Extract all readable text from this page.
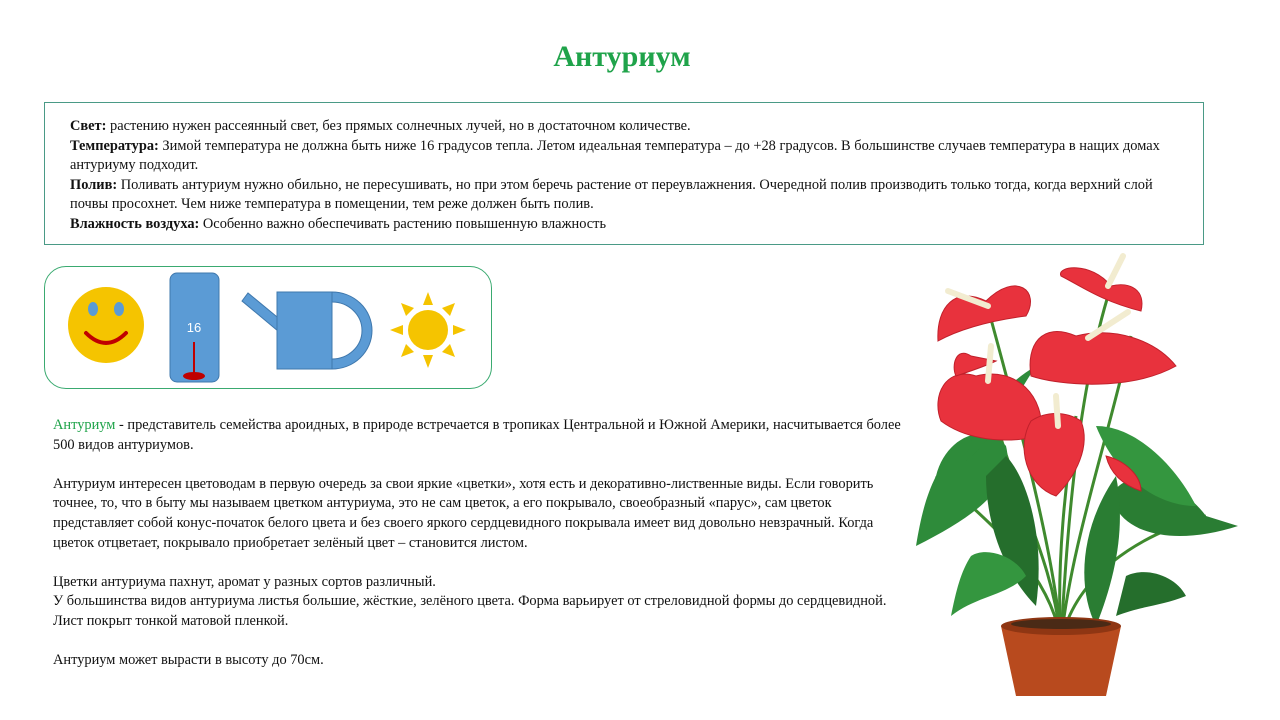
Антуриум

Свет: растению нужен рассеянный свет, без прямых солнечных лучей, но в достаточном количестве.

Температура: Зимой температура не должна быть ниже 16 градусов тепла. Летом идеальная температура – до +28 градусов. В большинстве случаев температура в нащих домах антуриуму подходит.

Полив: Поливать антуриум нужно обильно, не пересушивать, но при этом беречь растение от переувлажнения. Очередной полив производить только тогда, когда верхний слой почвы просохнет. Чем ниже температура в помещении, тем реже должен быть полив.

Влажность воздуха: Особенно важно обеспечивать растению повышенную влажность

16

Антуриум - представитель семейства ароидных, в природе встречается в тропиках Центральной и Южной Америки, насчитывается более 500 видов антуриумов.

Антуриум интересен цветоводам в первую очередь за свои яркие «цветки», хотя есть и декоративно-лиственные виды. Если говорить точнее, то, что в быту мы называем цветком антуриума, это не сам цветок, а его покрывало, своеобразный «парус», сам цветок представляет собой конус-початок белого цвета и без своего яркого сердцевидного покрывала имеет вид довольно невзрачный. Когда цветок отцветает, покрывало приобретает зелёный цвет – становится листом.

Цветки антуриума пахнут, аромат у разных сортов различный.
У большинства видов антуриума листья большие, жёсткие, зелёного цвета. Форма варьирует от стреловидной формы до сердцевидной. Лист покрыт тонкой матовой пленкой.

Антуриум может вырасти в высоту до 70см.
